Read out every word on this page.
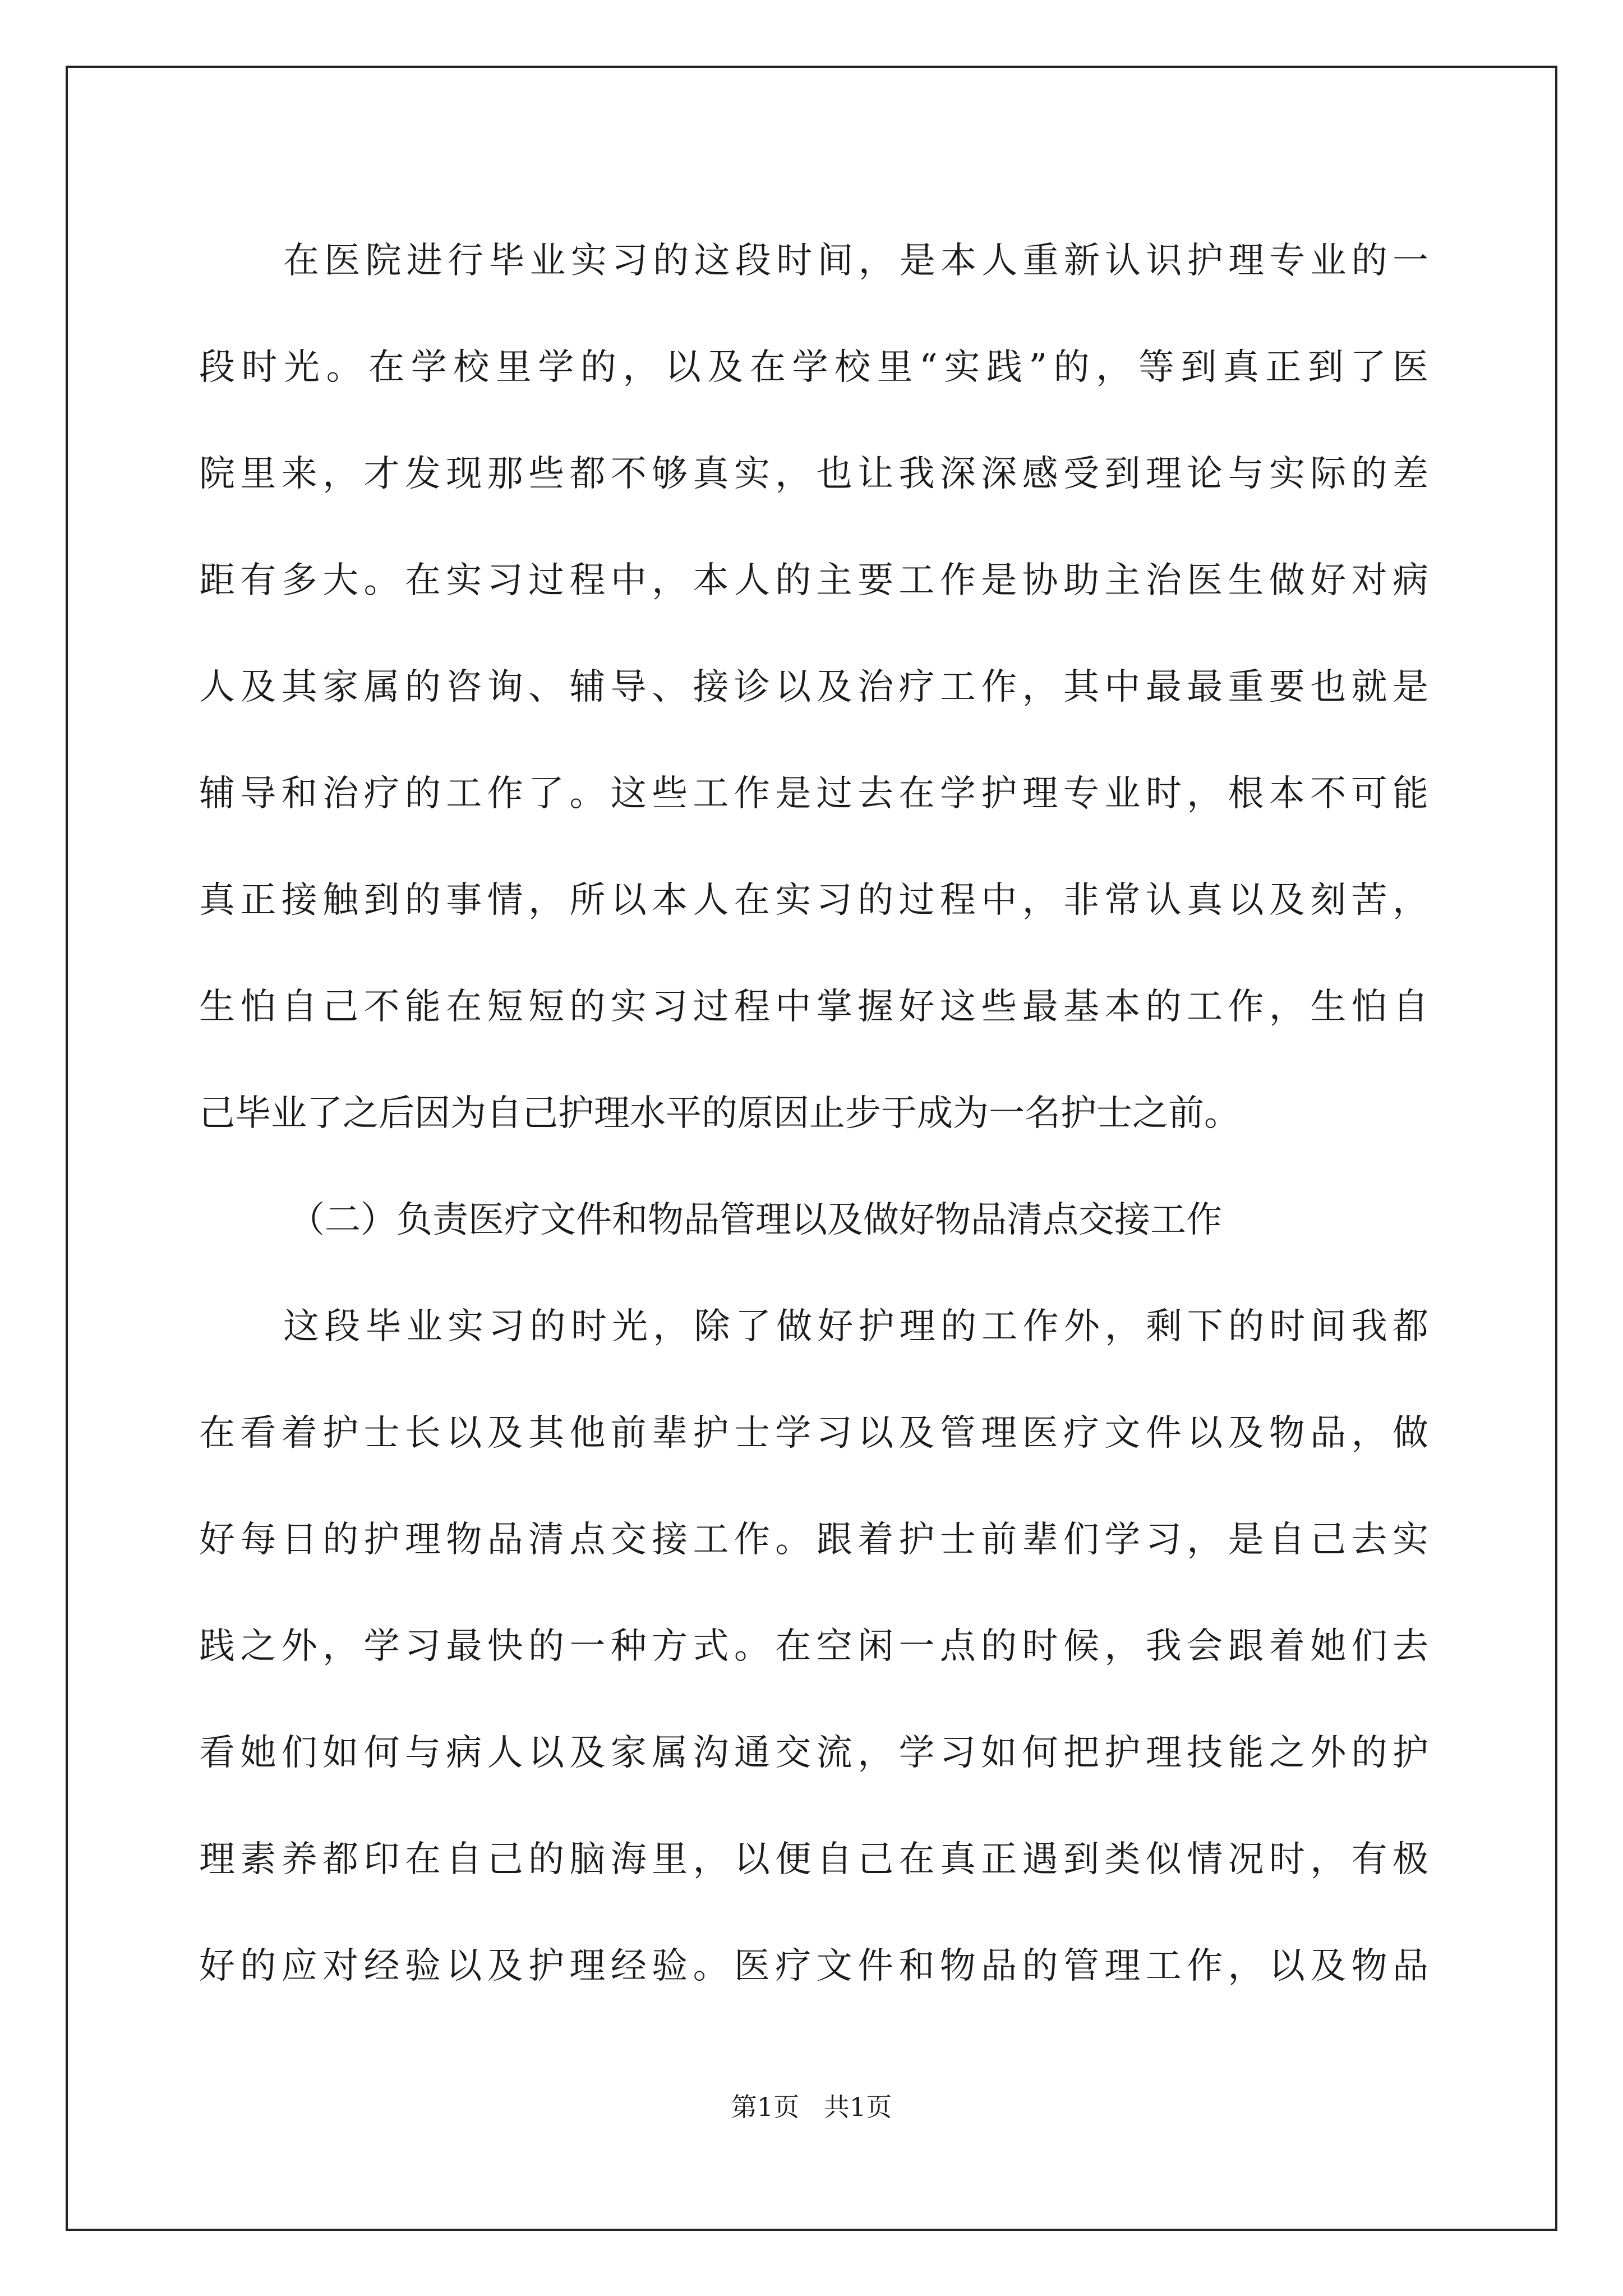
在医院进行毕业实习的这段时间，是本人重新认识护理专业的一
段时光。在学校里学的，以及在学校里“实践”的，等到真正到了医
院里来，才发现那些都不够真实，也让我深深感受到理论与实际的差
距有多大。在实习过程中，本人的主要工作是协助主治医生做好对病
人及其家属的咨询、辅导、接诊以及治疗工作，其中最最重要也就是
辅导和治疗的工作了。这些工作是过去在学护理专业时，根本不可能
真正接触到的事情，所以本人在实习的过程中，非常认真以及刻苦，
生怕自己不能在短短的实习过程中掌握好这些最基本的工作，生怕自
己毕业了之后因为自己护理水平的原因止步于成为一名护士之前。
（二）负责医疗文件和物品管理以及做好物品清点交接工作
这段毕业实习的时光，除了做好护理的工作外，剩下的时间我都
在看着护士长以及其他前辈护士学习以及管理医疗文件以及物品，做
好每日的护理物品清点交接工作。跟着护士前辈们学习，是自己去实
践之外，学习最快的一种方式。在空闲一点的时候，我会跟着她们去
看她们如何与病人以及家属沟通交流，学习如何把护理技能之外的护
理素养都印在自己的脑海里，以便自己在真正遇到类似情况时，有极
好的应对经验以及护理经验。医疗文件和物品的管理工作，以及物品
第1页   共1页
